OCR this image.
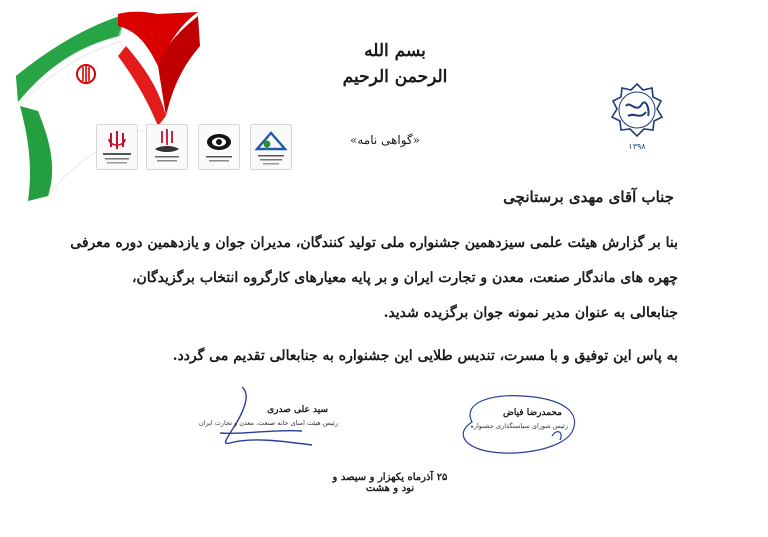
بسم الله الرحمن الرحیم
«گواهی نامه»	۱۳۹۸
جناب آقای مهدی برستانچی

بنا بر گزارش هیئت علمی سیزدهمین جشنواره ملی تولید کنندگان، مدیران جوان و یازدهمین دوره معرفی

چهره های ماندگار صنعت، معدن و تجارت ایران و بر پایه معیارهای کارگروه انتخاب برگزیدگان،

جنابعالی به عنوان مدیر نمونه جوان برگزیده شدید.

به پاس این توفیق و با مسرت، تندیس طلایی این جشنواره به جنابعالی تقدیم می گردد.

سید علی صدری
رئیس هیئت امنای خانه صنعت، معدن و تجارت ایران
محمدرضا فیاض
رئیس شورای سیاستگذاری جشنواره
۲۵ آذرماه یکهزار و سیصد و نود و هشت
